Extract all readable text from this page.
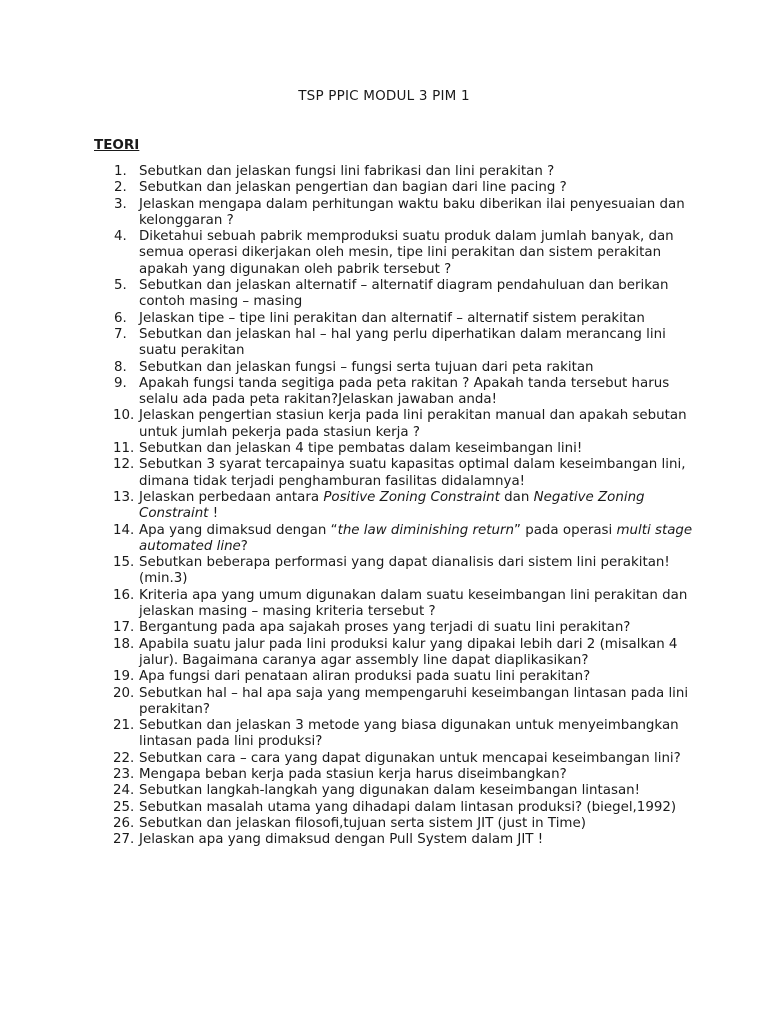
TSP PPIC MODUL 3 PIM 1
TEORI
1. Sebutkan dan jelaskan fungsi lini fabrikasi dan lini perakitan ?
2. Sebutkan dan jelaskan pengertian dan bagian dari line pacing ?
3. Jelaskan mengapa dalam perhitungan waktu baku diberikan ilai penyesuaian dan kelonggaran ?
4. Diketahui sebuah pabrik memproduksi suatu produk dalam jumlah banyak, dan semua operasi dikerjakan oleh mesin, tipe lini perakitan dan sistem perakitan apakah yang digunakan oleh pabrik tersebut ?
5. Sebutkan dan jelaskan alternatif – alternatif diagram pendahuluan dan berikan contoh masing – masing
6. Jelaskan tipe – tipe lini perakitan dan alternatif – alternatif sistem perakitan
7. Sebutkan dan jelaskan hal – hal yang perlu diperhatikan dalam merancang lini suatu perakitan
8. Sebutkan dan jelaskan fungsi – fungsi serta tujuan dari peta rakitan
9. Apakah fungsi tanda segitiga pada peta rakitan ? Apakah tanda tersebut harus selalu ada pada peta rakitan?Jelaskan jawaban anda!
10. Jelaskan pengertian stasiun kerja pada lini perakitan manual dan apakah sebutan untuk jumlah pekerja pada stasiun kerja ?
11. Sebutkan dan jelaskan 4 tipe pembatas dalam keseimbangan lini!
12. Sebutkan 3 syarat tercapainya suatu kapasitas optimal dalam keseimbangan lini, dimana tidak terjadi penghamburan fasilitas didalamnya!
13. Jelaskan perbedaan antara Positive Zoning Constraint dan Negative Zoning Constraint !
14. Apa yang dimaksud dengan “the law diminishing return” pada operasi multi stage automated line?
15. Sebutkan beberapa performasi yang dapat dianalisis dari sistem lini perakitan! (min.3)
16. Kriteria apa yang umum digunakan dalam suatu keseimbangan lini perakitan dan jelaskan masing – masing kriteria tersebut ?
17. Bergantung pada apa sajakah proses yang terjadi di suatu lini perakitan?
18. Apabila suatu jalur pada lini produksi kalur yang dipakai lebih dari 2 (misalkan 4 jalur). Bagaimana caranya agar assembly line dapat diaplikasikan?
19. Apa fungsi dari penataan aliran produksi pada suatu lini perakitan?
20. Sebutkan hal – hal apa saja yang mempengaruhi keseimbangan lintasan pada lini perakitan?
21. Sebutkan dan jelaskan 3 metode yang biasa digunakan untuk menyeimbangkan lintasan pada lini produksi?
22. Sebutkan cara – cara yang dapat digunakan untuk mencapai keseimbangan lini?
23. Mengapa beban kerja pada stasiun kerja harus diseimbangkan?
24. Sebutkan langkah-langkah yang digunakan dalam keseimbangan lintasan!
25. Sebutkan masalah utama yang dihadapi dalam lintasan produksi? (biegel,1992)
26. Sebutkan dan jelaskan filosofi,tujuan serta sistem JIT (just in Time)
27. Jelaskan apa yang dimaksud dengan Pull System dalam JIT !
